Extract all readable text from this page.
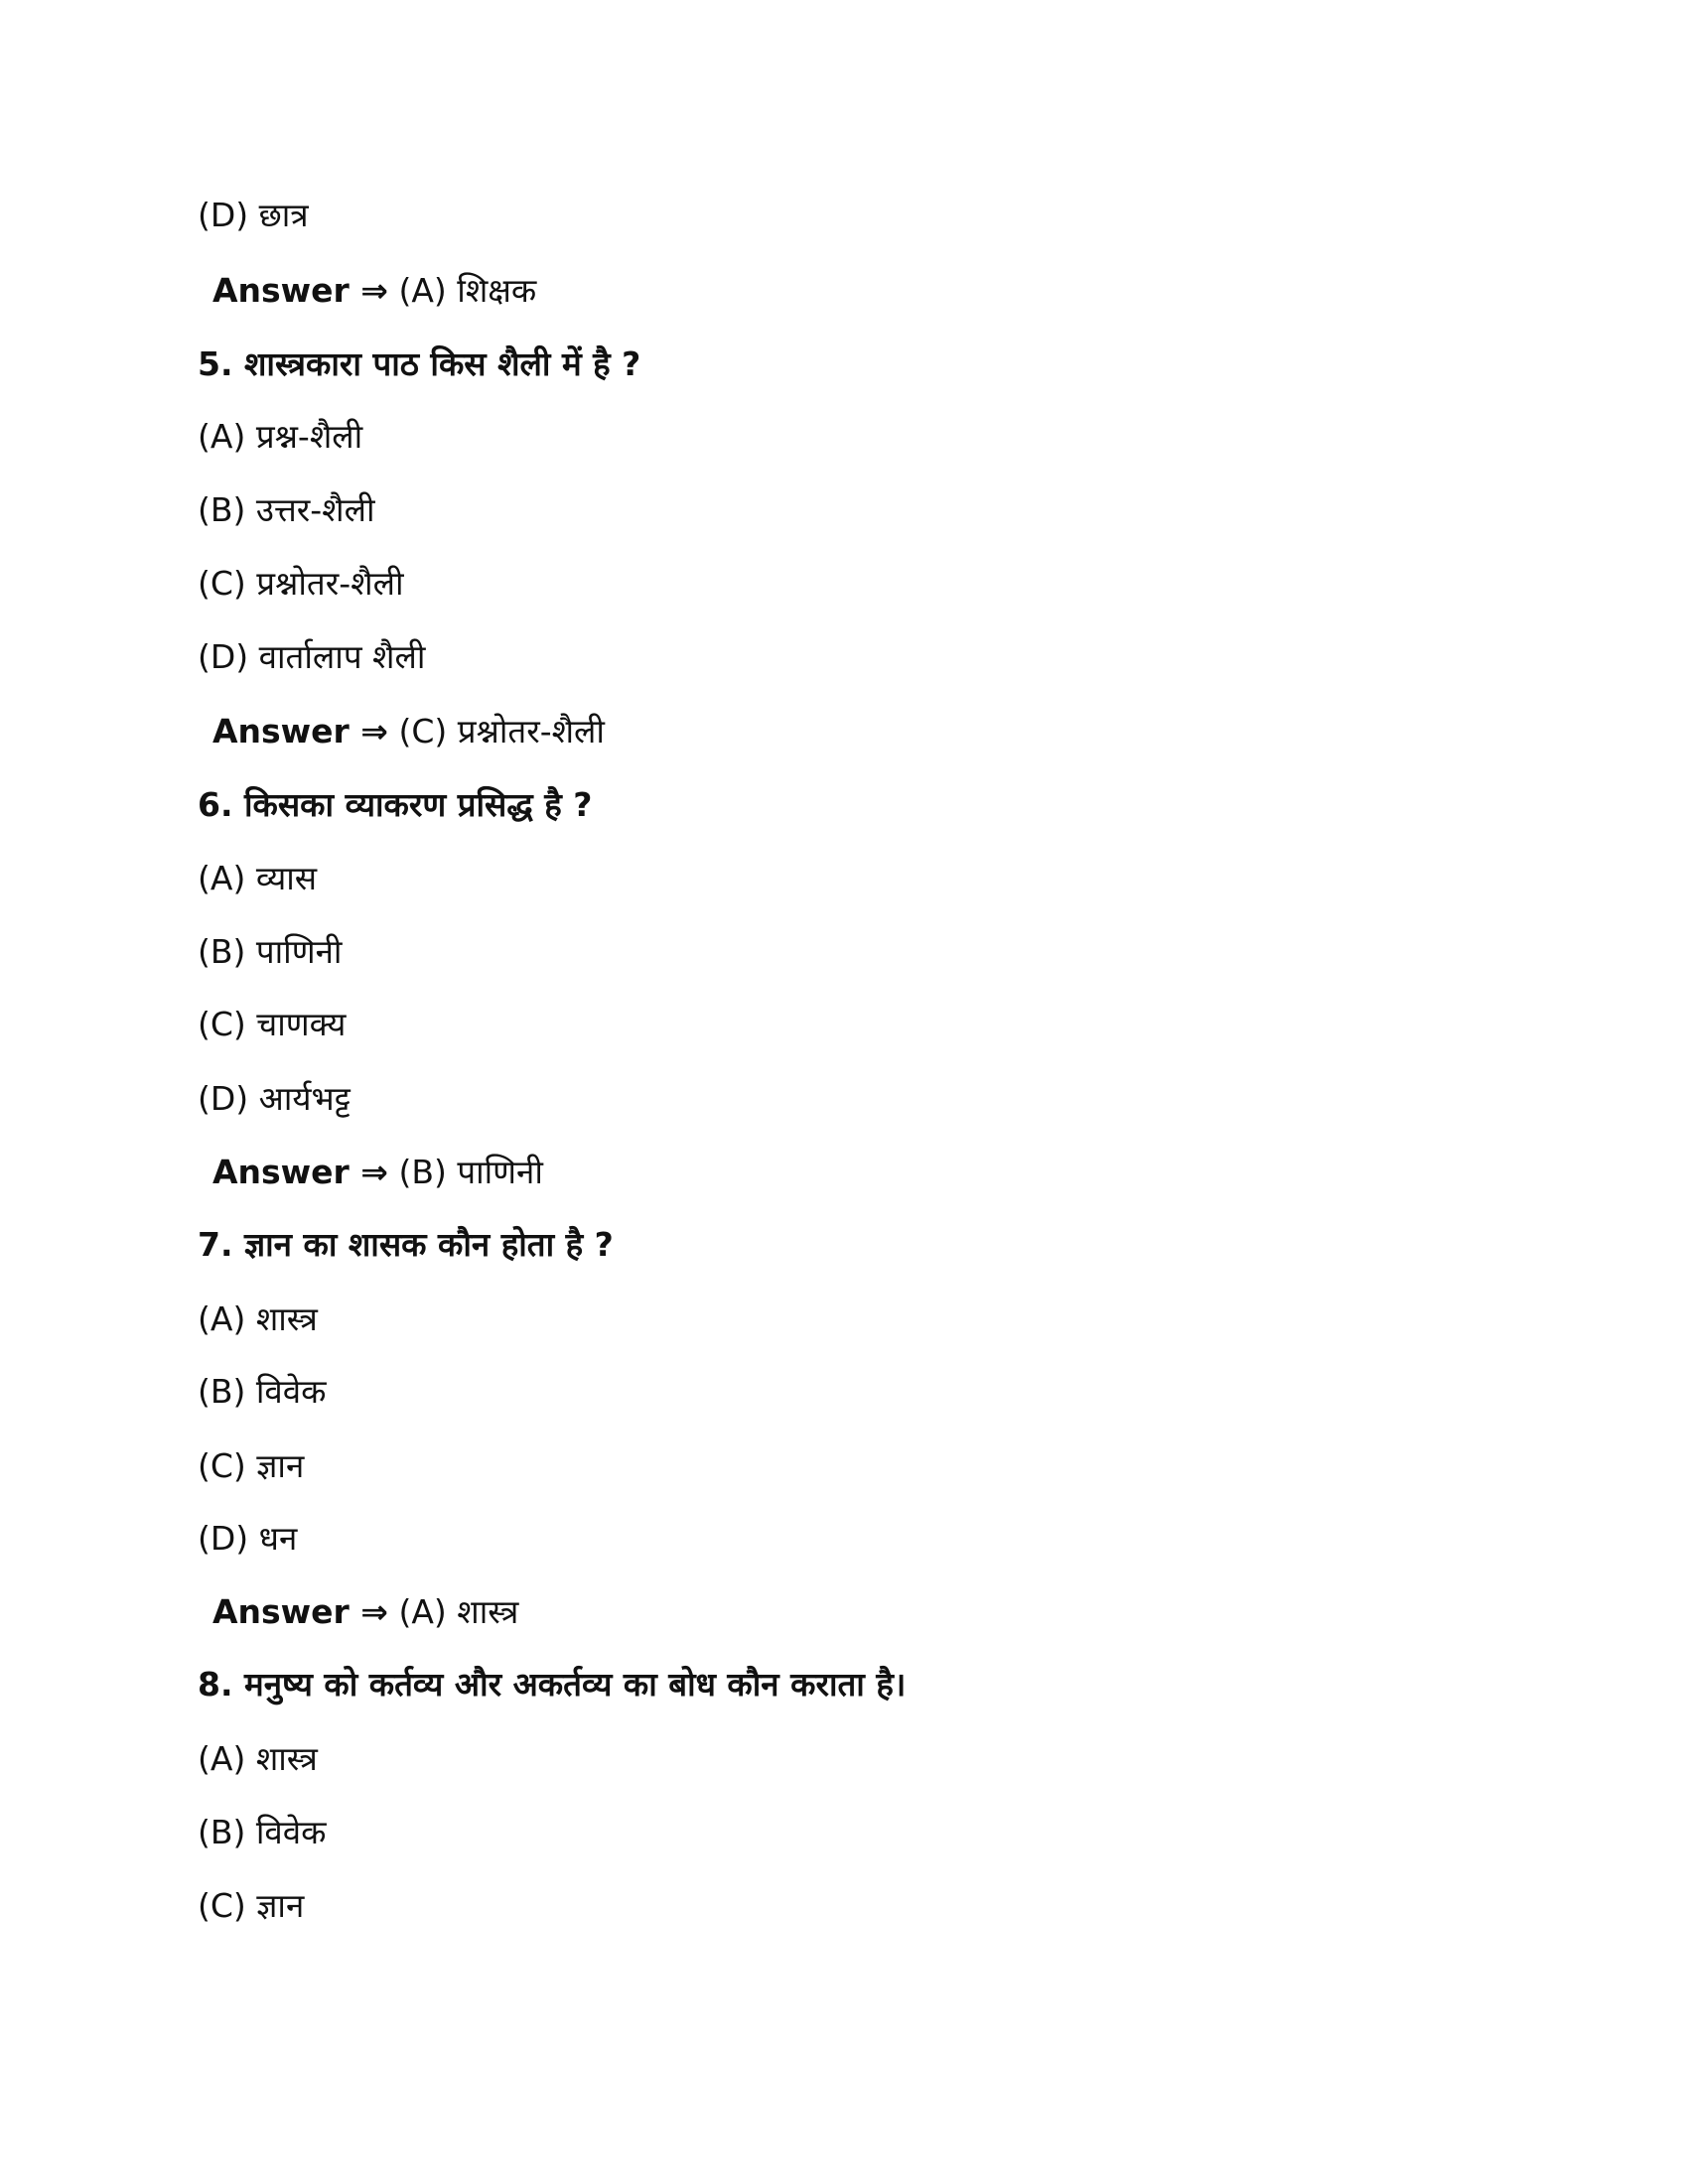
(D) छात्र
Answer ⇒ (A) शिक्षक
5. शास्त्रकारा पाठ किस शैली में है ?
(A) प्रश्न-शैली
(B) उत्तर-शैली
(C) प्रश्नोतर-शैली
(D) वार्तालाप शैली
Answer ⇒ (C) प्रश्नोतर-शैली
6. किसका व्याकरण प्रसिद्ध है ?
(A) व्यास
(B) पाणिनी
(C) चाणक्य
(D) आर्यभट्ट
Answer ⇒ (B) पाणिनी
7. ज्ञान का शासक कौन होता है ?
(A) शास्त्र
(B) विवेक
(C) ज्ञान
(D) धन
Answer ⇒ (A) शास्त्र
8. मनुष्य को कर्तव्य और अकर्तव्य का बोध कौन कराता है।
(A) शास्त्र
(B) विवेक
(C) ज्ञान
